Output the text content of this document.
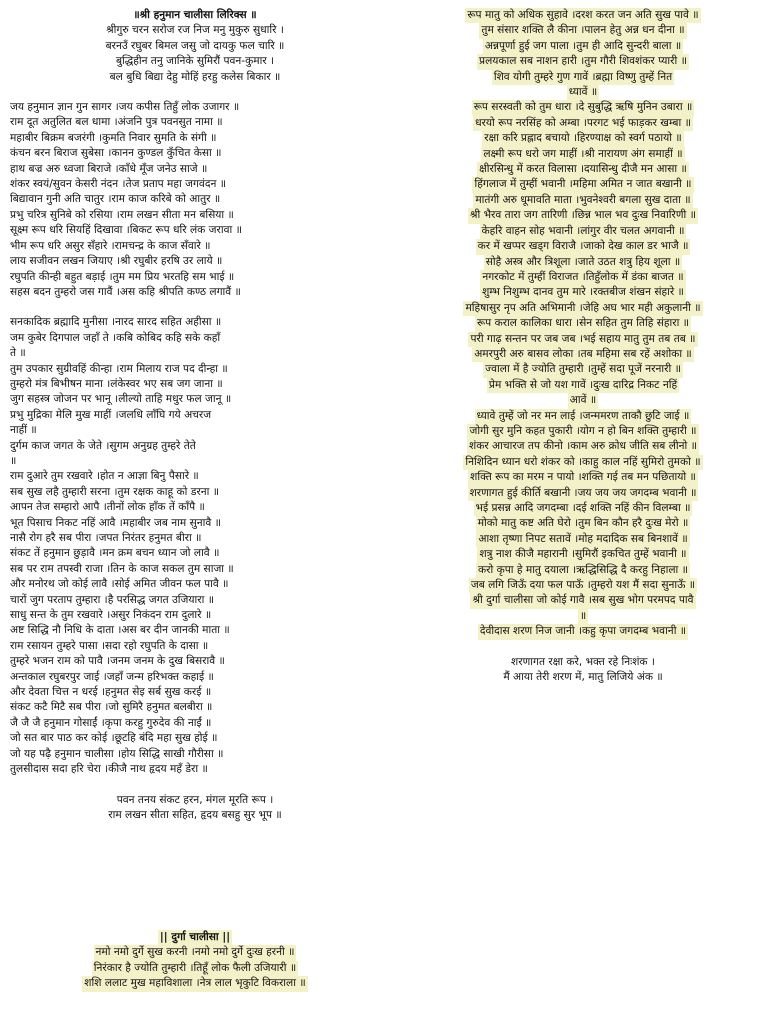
॥श्री हनुमान चालीसा लिरिक्स ॥
श्रीगुरु चरन सरोज रज निज मनु मुकुरु सुधारि ।
बरनउँ रघुबर बिमल जसु जो दायकु फल चारि ॥
बुद्धिहीन तनु जानिके सुमिरौं पवन-कुमार ।
बल बुधि बिद्या देहु मोहिं हरहु कलेस बिकार ॥
जय हनुमान ज्ञान गुन सागर ।जय कपीस तिहुँ लोक उजागर ॥
राम दूत अतुलित बल धामा ।अंजनि पुत्र पवनसुत नामा ॥
महाबीर बिक्रम बजरंगी ।कुमति निवार सुमति के संगी ॥
कंचन बरन बिराज सुबेसा ।कानन कुण्डल कुँचित केसा ॥
हाथ बज्र अरु ध्वजा बिराजे ।काँधे मूँज जनेउ साजे ॥
शंकर स्वयं/सुवन केसरी नंदन ।तेज प्रताप महा जगवंदन ॥
बिद्यावान गुनी अति चातुर ।राम काज करिबे को आतुर ॥
प्रभु चरित्र सुनिबे को रसिया ।राम लखन सीता मन बसिया ॥
सूक्ष्म रूप धरि सियहिं दिखावा ।बिकट रूप धरि लंक जरावा ॥
भीम रूप धरि असुर सँहारे ।रामचन्द्र के काज सँवारे ॥
लाय सजीवन लखन जियाए ।श्री रघुबीर हरषि उर लाये ॥
रघुपति कीन्ही बहुत बड़ाई ।तुम मम प्रिय भरतहि सम भाई ॥
सहस बदन तुम्हरो जस गावैं ।अस कहि श्रीपति कण्ठ लगावैं ॥
सनकादिक ब्रह्मादि मुनीसा ।नारद सारद सहित अहीसा ॥
जम कुबेर दिगपाल जहाँ ते ।कबि कोबिद कहि सके कहाँ
ते ॥
तुम उपकार सुग्रीवहिं कीन्हा ।राम मिलाय राज पद दीन्हा ॥
तुम्हरो मंत्र बिभीषन माना ।लंकेस्वर भए सब जग जाना ॥
जुग सहस्त्र जोजन पर भानू ।लील्यो ताहि मधुर फल जानू ॥
प्रभु मुद्रिका मेलि मुख माहीं ।जलधि लाँघि गये अचरज
नाहीं ॥
दुर्गम काज जगत के जेते ।सुगम अनुग्रह तुम्हरे तेते
॥
राम दुआरे तुम रखवारे ।होत न आज्ञा बिनु पैसारे ॥
सब सुख लहै तुम्हारी सरना ।तुम रक्षक काहू को डरना ॥
आपन तेज सम्हारो आपै ।तीनों लोक हाँक तें काँपै ॥
भूत पिसाच निकट नहिं आवै ।महाबीर जब नाम सुनावै ॥
नासै रोग हरै सब पीरा ।जपत निरंतर हनुमत बीरा ॥
संकट तें हनुमान छुड़ावै ।मन क्रम बचन ध्यान जो लावै ॥
सब पर राम तपस्वी राजा ।तिन के काज सकल तुम साजा ॥
और मनोरथ जो कोई लावै ।सोई अमित जीवन फल पावै ॥
चारों जुग परताप तुम्हारा ।है परसिद्ध जगत उजियारा ॥
साधु सन्त के तुम रखवारे ।असुर निकंदन राम दुलारे ॥
अष्ट सिद्धि नौ निधि के दाता ।अस बर दीन जानकी माता ॥
राम रसायन तुम्हरे पासा ।सदा रहो रघुपति के दासा ॥
तुम्हरे भजन राम को पावै ।जनम जनम के दुख बिसरावै ॥
अन्तकाल रघुबरपुर जाई ।जहाँ जन्म हरिभक्त कहाई ॥
और देवता चित्त न धरई ।हनुमत सेइ सर्ब सुख करई ॥
संकट कटै मिटै सब पीरा ।जो सुमिरै हनुमत बलबीरा ॥
जै जै जै हनुमान गोसाईं ।कृपा करहु गुरुदेव की नाईं ॥
जो सत बार पाठ कर कोई ।छूटहि बंदि महा सुख होई ॥
जो यह पढ़ै हनुमान चालीसा ।होय सिद्धि साखी गौरीसा ॥
तुलसीदास सदा हरि चेरा ।कीजै नाथ हृदय महँ डेरा ॥
पवन तनय संकट हरन, मंगल मूरति रूप ।
राम लखन सीता सहित, हृदय बसहु सुर भूप ॥
|| दुर्गा चालीसा ||
नमो नमो दुर्गे सुख करनी ।नमो नमो दुर्गे दुःख हरनी ॥
निरंकार है ज्योति तुम्हारी ।तिहूँ लोक फैली उजियारी ॥
शशि ललाट मुख महाविशाला ।नेत्र लाल भृकुटि विकराला ॥
रूप मातु को अधिक सुहावे ।दरश करत जन अति सुख पावे ॥
तुम संसार शक्ति लै कीना ।पालन हेतु अन्न धन दीना ॥
अन्नपूर्णा हुई जग पाला ।तुम ही आदि सुन्दरी बाला ॥
प्रलयकाल सब नाशन हारी ।तुम गौरी शिवशंकर प्यारी ॥
शिव योगी तुम्हरे गुण गावें ।ब्रह्मा विष्णु तुम्हें नित
ध्यावें ॥
रूप सरस्वती को तुम धारा ।दे सुबुद्धि ऋषि मुनिन उबारा ॥
धरयो रूप नरसिंह को अम्बा ।परगट भई फाड़कर खम्बा ॥
रक्षा करि प्रह्लाद बचायो ।हिरण्याक्ष को स्वर्ग पठायो ॥
लक्ष्मी रूप धरो जग माहीं ।श्री नारायण अंग समाहीं ॥
क्षीरसिन्धु में करत विलासा ।दयासिन्धु दीजै मन आसा ॥
हिंगलाज में तुम्हीं भवानी ।महिमा अमित न जात बखानी ॥
मातंगी अरु धूमावति माता ।भुवनेश्वरी बगला सुख दाता ॥
श्री भैरव तारा जग तारिणी ।छिन्न भाल भव दुःख निवारिणी ॥
केहरि वाहन सोह भवानी ।लांगुर वीर चलत अगवानी ॥
कर में खप्पर खड्ग विराजै ।जाको देख काल डर भाजै ॥
सोहै अस्त्र और त्रिशूला ।जाते उठत शत्रु हिय शूला ॥
नगरकोट में तुम्हीं विराजत ।तिहुँलोक में डंका बाजत ॥
शुम्भ निशुम्भ दानव तुम मारे ।रक्तबीज शंखन संहारे ॥
महिषासुर नृप अति अभिमानी ।जेहि अघ भार मही अकुलानी ॥
रूप कराल कालिका धारा ।सेन सहित तुम तिहि संहारा ॥
परी गाढ़ सन्तन पर जब जब ।भई सहाय मातु तुम तब तब ॥
अमरपुरी अरु बासव लोका ।तब महिमा सब रहें अशोका ॥
ज्वाला में है ज्योति तुम्हारी ।तुम्हें सदा पूजें नरनारी ॥
प्रेम भक्ति से जो यश गावें ।दुःख दारिद्र निकट नहिं
आवें ॥
ध्यावे तुम्हें जो नर मन लाई ।जन्ममरण ताकौ छुटि जाई ॥
जोगी सुर मुनि कहत पुकारी ।योग न हो बिन शक्ति तुम्हारी ॥
शंकर आचारज तप कीनो ।काम अरु क्रोध जीति सब लीनो ॥
निशिदिन ध्यान धरो शंकर को ।काहु काल नहिं सुमिरो तुमको ॥
शक्ति रूप का मरम न पायो ।शक्ति गई तब मन पछितायो ॥
शरणागत हुई कीर्ति बखानी ।जय जय जय जगदम्ब भवानी ॥
भई प्रसन्न आदि जगदम्बा ।दई शक्ति नहिं कीन विलम्बा ॥
मोको मातु कष्ट अति घेरो ।तुम बिन कौन हरै दुःख मेरो ॥
आशा तृष्णा निपट सतावें ।मोह मदादिक सब बिनशावें ॥
शत्रु नाश कीजै महारानी ।सुमिरौं इकचित तुम्हें भवानी ॥
करो कृपा हे मातु दयाला ।ऋद्धिसिद्धि दै करहु निहाला ॥
जब लगि जिऊँ दया फल पाऊँ ।तुम्हरो यश मैं सदा सुनाऊँ ॥
श्री दुर्गा चालीसा जो कोई गावै ।सब सुख भोग परमपद पावै
॥
देवीदास शरण निज जानी ।कहु कृपा जगदम्ब भवानी ॥
शरणागत रक्षा करे, भक्त रहे निःशंक ।
मैं आया तेरी शरण में, मातु लिजिये अंक ॥
